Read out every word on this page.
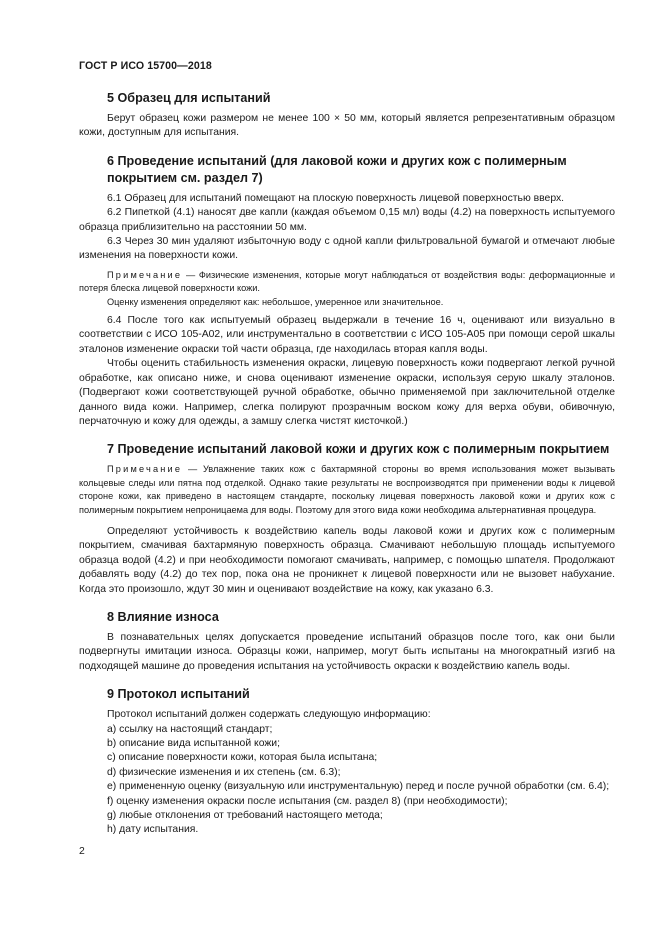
ГОСТ Р ИСО 15700—2018
5 Образец для испытаний

Берут образец кожи размером не менее 100 × 50 мм, который является репрезентативным образцом кожи, доступным для испытания.

6 Проведение испытаний (для лаковой кожи и других кож с полимерным покрытием см. раздел 7)

6.1 Образец для испытаний помещают на плоскую поверхность лицевой поверхностью вверх.

6.2 Пипеткой (4.1) наносят две капли (каждая объемом 0,15 мл) воды (4.2) на поверхность испытуемого образца приблизительно на расстоянии 50 мм.

6.3 Через 30 мин удаляют избыточную воду с одной капли фильтровальной бумагой и отмечают любые изменения на поверхности кожи.

Примечание — Физические изменения, которые могут наблюдаться от воздействия воды: деформационные и потеря блеска лицевой поверхности кожи.

Оценку изменения определяют как: небольшое, умеренное или значительное.

6.4 После того как испытуемый образец выдержали в течение 16 ч, оценивают или визуально в соответствии с ИСО 105-A02, или инструментально в соответствии с ИСО 105-A05 при помощи серой шкалы эталонов изменение окраски той части образца, где находилась вторая капля воды.

Чтобы оценить стабильность изменения окраски, лицевую поверхность кожи подвергают легкой ручной обработке, как описано ниже, и снова оценивают изменение окраски, используя серую шкалу эталонов. (Подвергают кожи соответствующей ручной обработке, обычно применяемой при заключительной отделке данного вида кожи. Например, слегка полируют прозрачным воском кожу для верха обуви, обивочную, перчаточную и кожу для одежды, а замшу слегка чистят кисточкой.)

7 Проведение испытаний лаковой кожи и других кож с полимерным покрытием

Примечание — Увлажнение таких кож с бахтармяной стороны во время использования может вызывать кольцевые следы или пятна под отделкой. Однако такие результаты не воспроизводятся при применении воды к лицевой стороне кожи, как приведено в настоящем стандарте, поскольку лицевая поверхность лаковой кожи и других кож с полимерным покрытием непроницаема для воды. Поэтому для этого вида кожи необходима альтернативная процедура.

Определяют устойчивость к воздействию капель воды лаковой кожи и других кож с полимерным покрытием, смачивая бахтармяную поверхность образца. Смачивают небольшую площадь испытуемого образца водой (4.2) и при необходимости помогают смачивать, например, с помощью шпателя. Продолжают добавлять воду (4.2) до тех пор, пока она не проникнет к лицевой поверхности или не вызовет набухание. Когда это произошло, ждут 30 мин и оценивают воздействие на кожу, как указано 6.3.

8 Влияние износа

В познавательных целях допускается проведение испытаний образцов после того, как они были подвергнуты имитации износа. Образцы кожи, например, могут быть испытаны на многократный изгиб на подходящей машине до проведения испытания на устойчивость окраски к воздействию капель воды.

9 Протокол испытаний

Протокол испытаний должен содержать следующую информацию:

a) ссылку на настоящий стандарт;

b) описание вида испытанной кожи;

c) описание поверхности кожи, которая была испытана;

d) физические изменения и их степень (см. 6.3);

e) примененную оценку (визуальную или инструментальную) перед и после ручной обработки (см. 6.4);

f) оценку изменения окраски после испытания (см. раздел 8) (при необходимости);

g) любые отклонения от требований настоящего метода;

h) дату испытания.

2
